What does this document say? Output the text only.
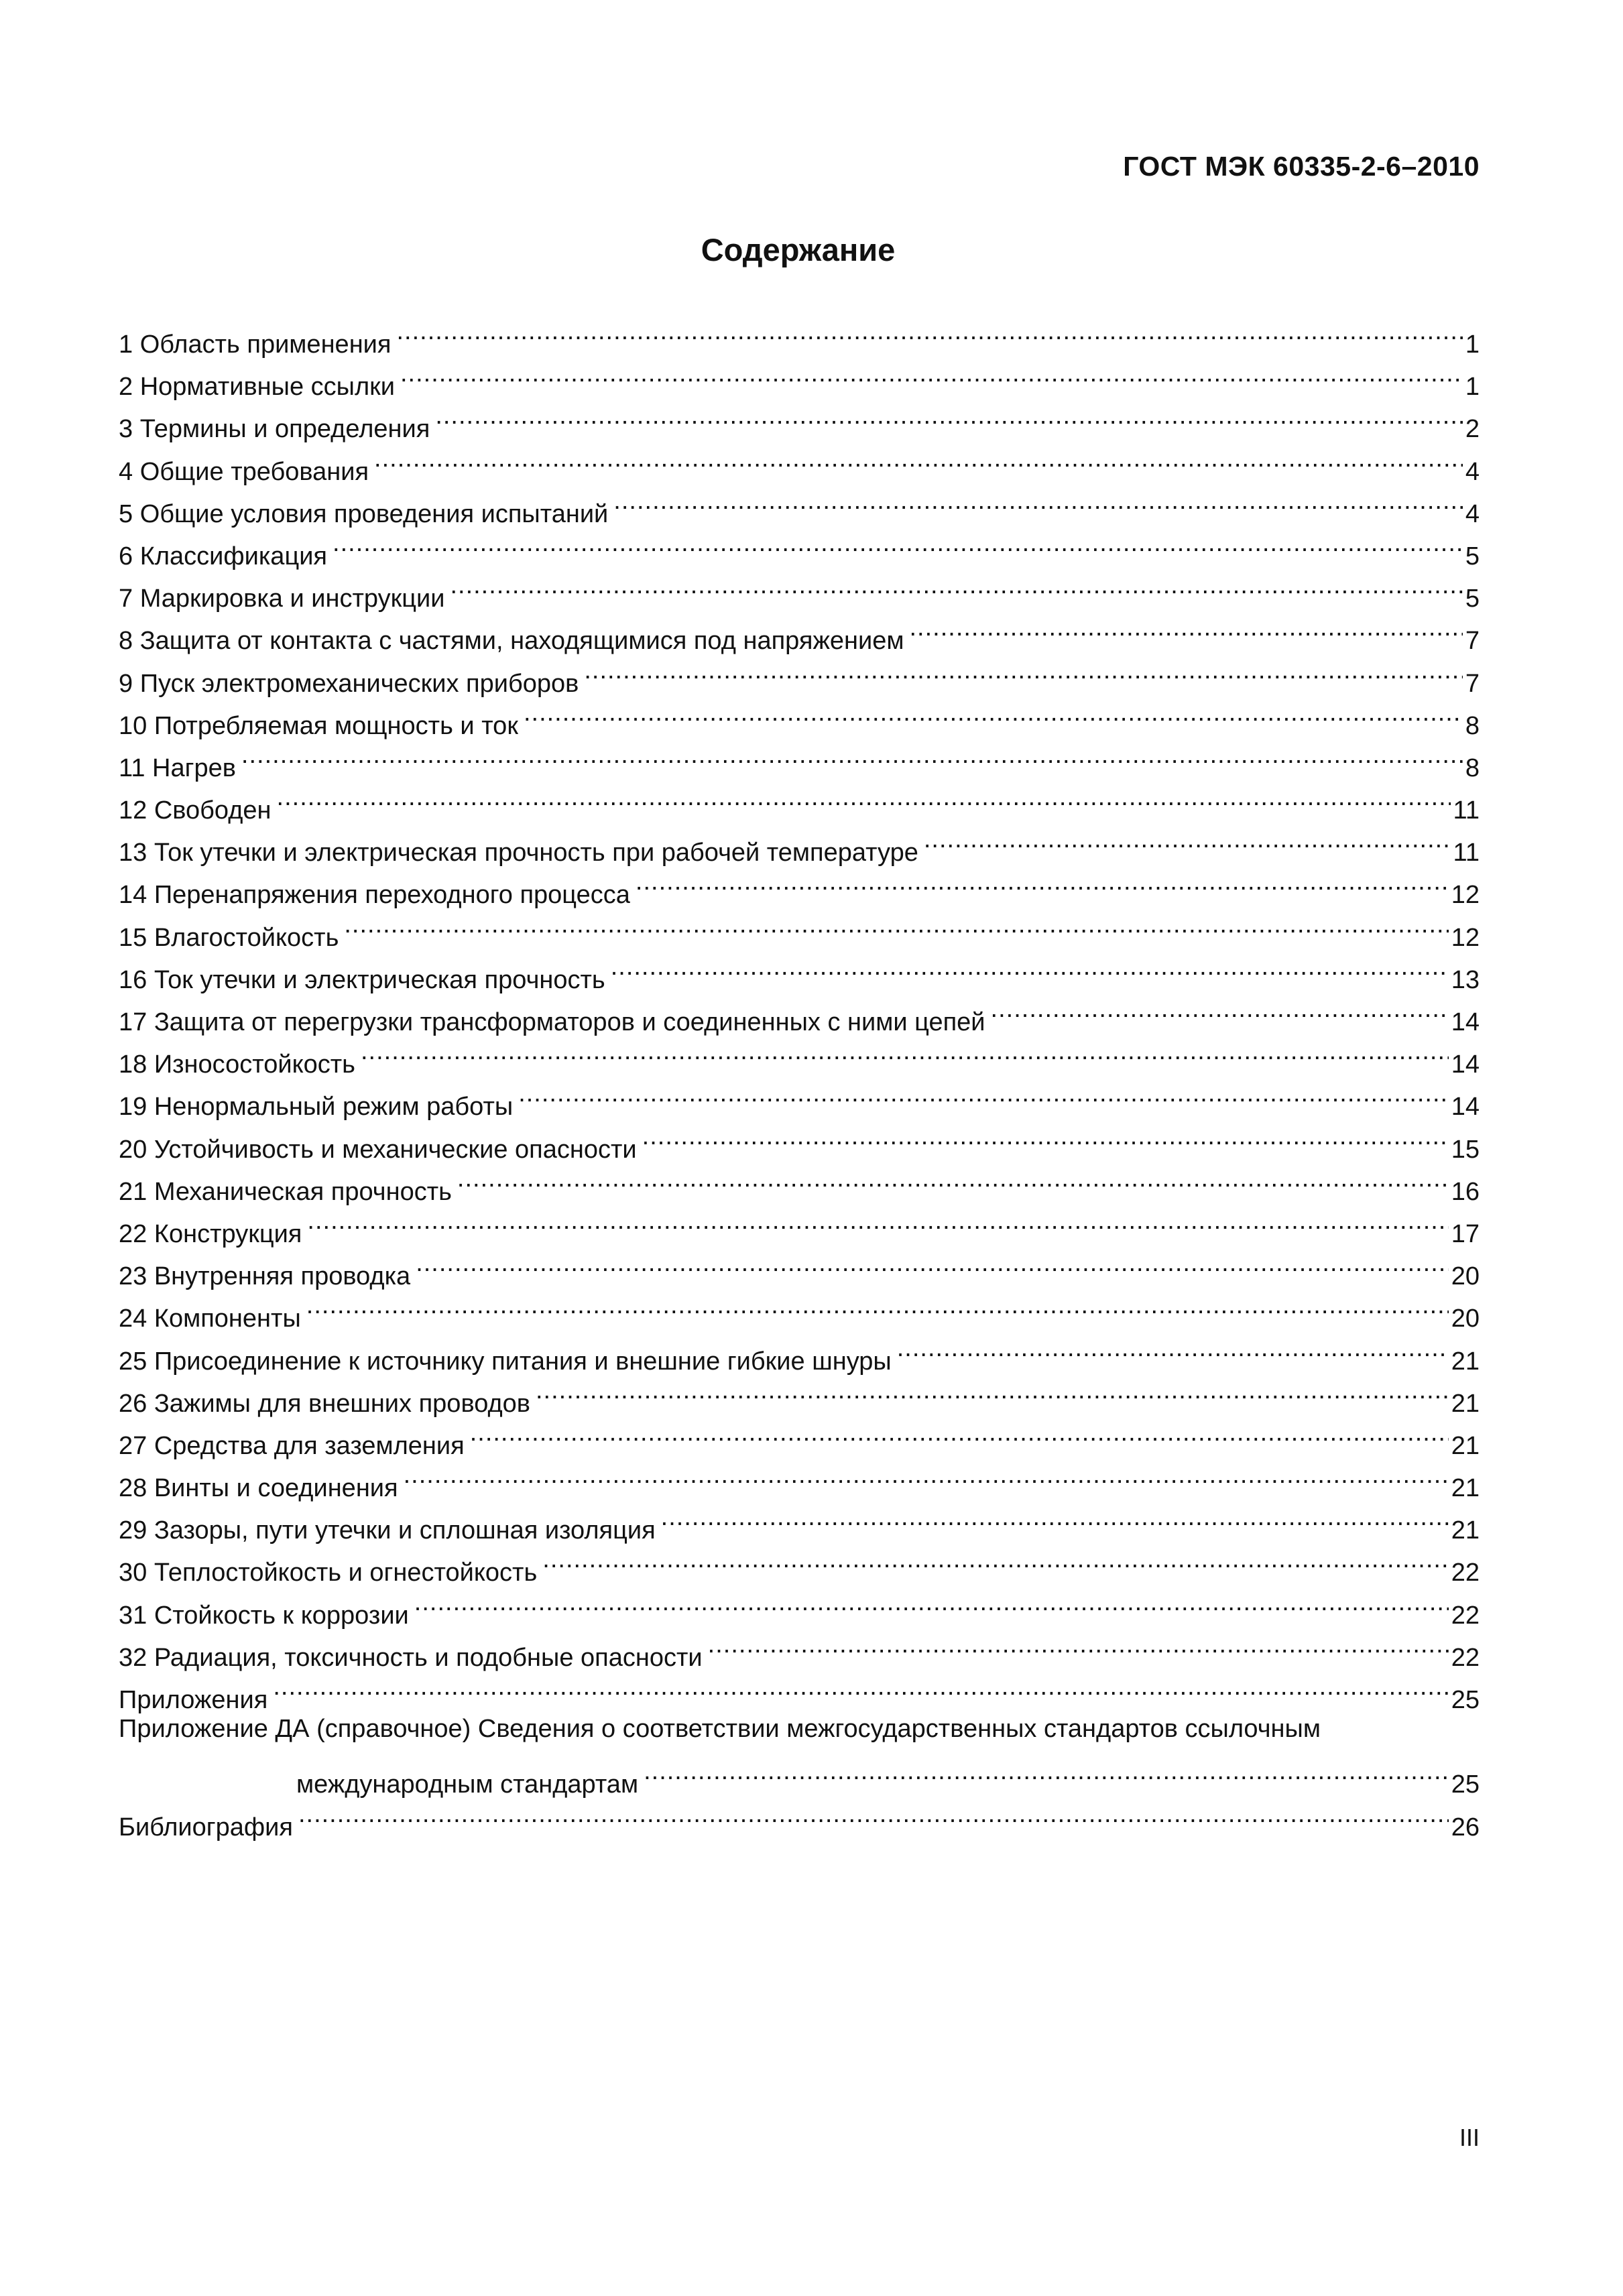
ГОСТ МЭК 60335-2-6–2010
Содержание
1 Область применения .....	1
2 Нормативные ссылки .....	1
3 Термины и определения .....	2
4 Общие требования .....	4
5 Общие условия проведения испытаний .....	4
6 Классификация .....	5
7 Маркировка и инструкции .....	5
8 Защита от контакта с частями, находящимися под напряжением .....	7
9 Пуск электромеханических приборов .....	7
10 Потребляемая мощность и ток .....	8
11 Нагрев .....	8
12 Свободен .....	11
13 Ток утечки и электрическая прочность при рабочей температуре .....	11
14 Перенапряжения переходного процесса .....	12
15 Влагостойкость .....	12
16 Ток утечки и электрическая прочность .....	13
17 Защита от перегрузки трансформаторов и соединенных с ними цепей .....	14
18 Износостойкость .....	14
19 Ненормальный режим работы .....	14
20 Устойчивость и механические опасности .....	15
21 Механическая прочность .....	16
22 Конструкция .....	17
23 Внутренняя проводка .....	20
24 Компоненты .....	20
25 Присоединение к источнику питания и внешние гибкие шнуры .....	21
26 Зажимы для внешних проводов .....	21
27 Средства для заземления .....	21
28 Винты и соединения .....	21
29 Зазоры, пути утечки и сплошная изоляция .....	21
30 Теплостойкость и огнестойкость .....	22
31 Стойкость к коррозии .....	22
32 Радиация, токсичность и подобные опасности .....	22
Приложения .....	25
Приложение ДА (справочное) Сведения о соответствии межгосударственных стандартов ссылочным
международным стандартам .....	25
Библиография .....	26
III
